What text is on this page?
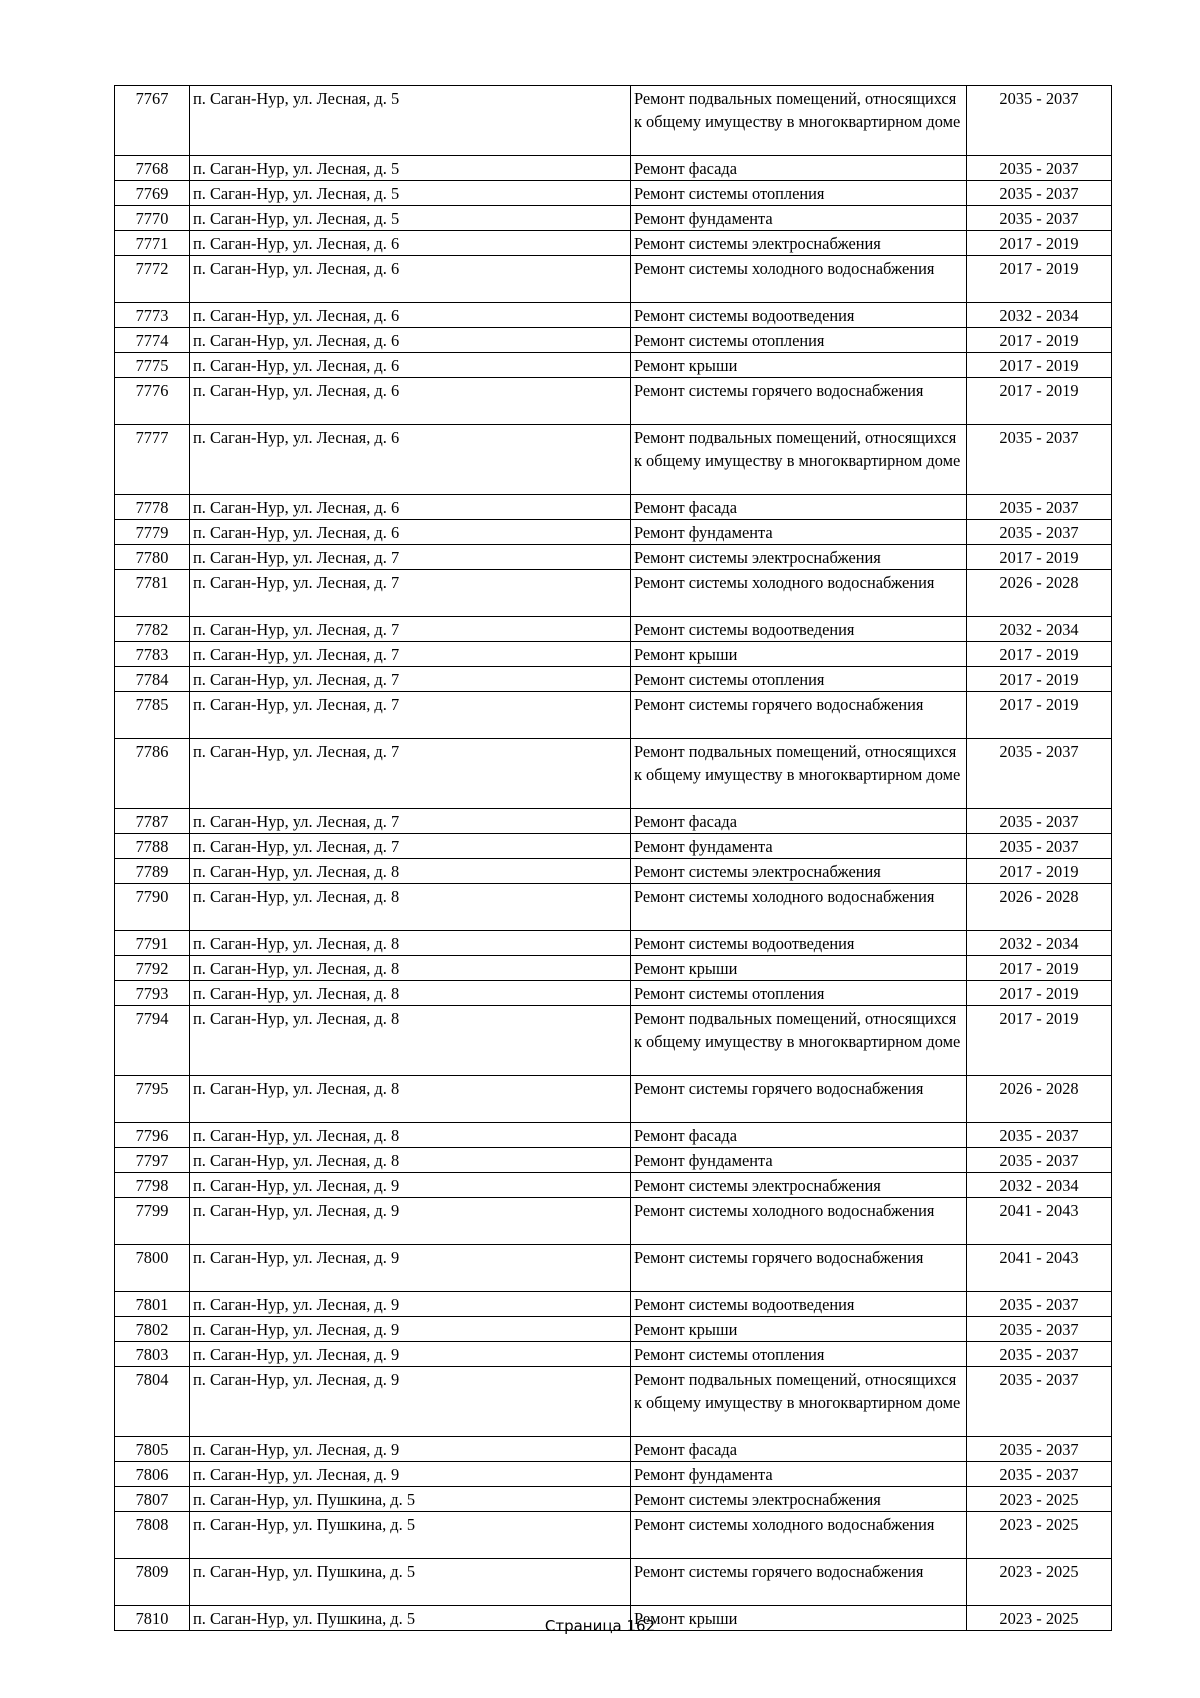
7767	п. Саган-Нур, ул. Лесная, д. 5	Ремонт подвальных помещений, относящихся к общему имуществу в многоквартирном доме	2035 - 2037
7768	п. Саган-Нур, ул. Лесная, д. 5	Ремонт фасада	2035 - 2037
7769	п. Саган-Нур, ул. Лесная, д. 5	Ремонт системы отопления	2035 - 2037
7770	п. Саган-Нур, ул. Лесная, д. 5	Ремонт фундамента	2035 - 2037
7771	п. Саган-Нур, ул. Лесная, д. 6	Ремонт системы электроснабжения	2017 - 2019
7772	п. Саган-Нур, ул. Лесная, д. 6	Ремонт системы холодного водоснабжения	2017 - 2019
7773	п. Саган-Нур, ул. Лесная, д. 6	Ремонт системы водоотведения	2032 - 2034
7774	п. Саган-Нур, ул. Лесная, д. 6	Ремонт системы отопления	2017 - 2019
7775	п. Саган-Нур, ул. Лесная, д. 6	Ремонт крыши	2017 - 2019
7776	п. Саган-Нур, ул. Лесная, д. 6	Ремонт системы горячего водоснабжения	2017 - 2019
7777	п. Саган-Нур, ул. Лесная, д. 6	Ремонт подвальных помещений, относящихся к общему имуществу в многоквартирном доме	2035 - 2037
7778	п. Саган-Нур, ул. Лесная, д. 6	Ремонт фасада	2035 - 2037
7779	п. Саган-Нур, ул. Лесная, д. 6	Ремонт фундамента	2035 - 2037
7780	п. Саган-Нур, ул. Лесная, д. 7	Ремонт системы электроснабжения	2017 - 2019
7781	п. Саган-Нур, ул. Лесная, д. 7	Ремонт системы холодного водоснабжения	2026 - 2028
7782	п. Саган-Нур, ул. Лесная, д. 7	Ремонт системы водоотведения	2032 - 2034
7783	п. Саган-Нур, ул. Лесная, д. 7	Ремонт крыши	2017 - 2019
7784	п. Саган-Нур, ул. Лесная, д. 7	Ремонт системы отопления	2017 - 2019
7785	п. Саган-Нур, ул. Лесная, д. 7	Ремонт системы горячего водоснабжения	2017 - 2019
7786	п. Саган-Нур, ул. Лесная, д. 7	Ремонт подвальных помещений, относящихся к общему имуществу в многоквартирном доме	2035 - 2037
7787	п. Саган-Нур, ул. Лесная, д. 7	Ремонт фасада	2035 - 2037
7788	п. Саган-Нур, ул. Лесная, д. 7	Ремонт фундамента	2035 - 2037
7789	п. Саган-Нур, ул. Лесная, д. 8	Ремонт системы электроснабжения	2017 - 2019
7790	п. Саган-Нур, ул. Лесная, д. 8	Ремонт системы холодного водоснабжения	2026 - 2028
7791	п. Саган-Нур, ул. Лесная, д. 8	Ремонт системы водоотведения	2032 - 2034
7792	п. Саган-Нур, ул. Лесная, д. 8	Ремонт крыши	2017 - 2019
7793	п. Саган-Нур, ул. Лесная, д. 8	Ремонт системы отопления	2017 - 2019
7794	п. Саган-Нур, ул. Лесная, д. 8	Ремонт подвальных помещений, относящихся к общему имуществу в многоквартирном доме	2017 - 2019
7795	п. Саган-Нур, ул. Лесная, д. 8	Ремонт системы горячего водоснабжения	2026 - 2028
7796	п. Саган-Нур, ул. Лесная, д. 8	Ремонт фасада	2035 - 2037
7797	п. Саган-Нур, ул. Лесная, д. 8	Ремонт фундамента	2035 - 2037
7798	п. Саган-Нур, ул. Лесная, д. 9	Ремонт системы электроснабжения	2032 - 2034
7799	п. Саган-Нур, ул. Лесная, д. 9	Ремонт системы холодного водоснабжения	2041 - 2043
7800	п. Саган-Нур, ул. Лесная, д. 9	Ремонт системы горячего водоснабжения	2041 - 2043
7801	п. Саган-Нур, ул. Лесная, д. 9	Ремонт системы водоотведения	2035 - 2037
7802	п. Саган-Нур, ул. Лесная, д. 9	Ремонт крыши	2035 - 2037
7803	п. Саган-Нур, ул. Лесная, д. 9	Ремонт системы отопления	2035 - 2037
7804	п. Саган-Нур, ул. Лесная, д. 9	Ремонт подвальных помещений, относящихся к общему имуществу в многоквартирном доме	2035 - 2037
7805	п. Саган-Нур, ул. Лесная, д. 9	Ремонт фасада	2035 - 2037
7806	п. Саган-Нур, ул. Лесная, д. 9	Ремонт фундамента	2035 - 2037
7807	п. Саган-Нур, ул. Пушкина, д. 5	Ремонт системы электроснабжения	2023 - 2025
7808	п. Саган-Нур, ул. Пушкина, д. 5	Ремонт системы холодного водоснабжения	2023 - 2025
7809	п. Саган-Нур, ул. Пушкина, д. 5	Ремонт системы горячего водоснабжения	2023 - 2025
7810	п. Саган-Нур, ул. Пушкина, д. 5	Ремонт крыши	2023 - 2025
Страница 162
